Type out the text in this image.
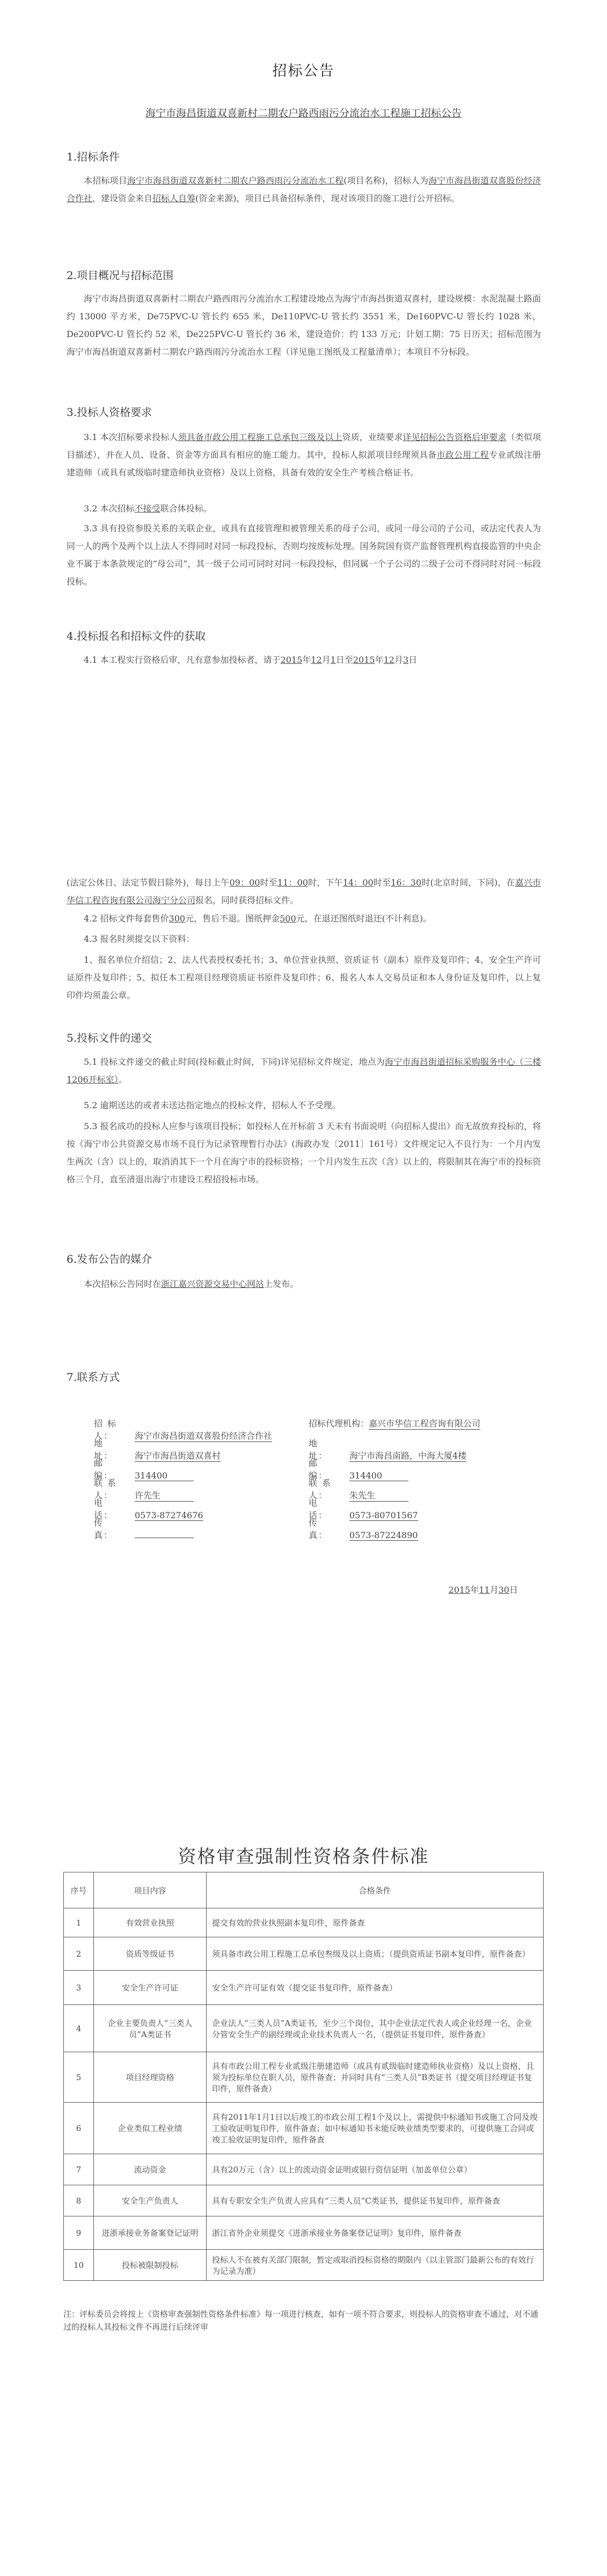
招标公告
海宁市海昌街道双喜新村二期农户路西雨污分流治水工程施工招标公告
1.招标条件

本招标项目海宁市海昌街道双喜新村二期农户路西雨污分流治水工程(项目名称)，招标人为海宁市海昌街道双喜股份经济合作社，建设资金来自招标人自筹(资金来源)，项目已具备招标条件，现对该项目的施工进行公开招标。

2.项目概况与招标范围

海宁市海昌街道双喜新村二期农户路西雨污分流治水工程建设地点为海宁市海昌街道双喜村，建设规模：水泥混凝土路面约 13000 平方米，De75PVC-U 管长约 655 米，De110PVC-U 管长约 3551 米，De160PVC-U 管长约 1028 米，De200PVC-U 管长约 52 米，De225PVC-U 管长约 36 米，建设造价：约 133 万元；计划工期：75 日历天；招标范围为海宁市海昌街道双喜新村二期农户路西雨污分流治水工程（详见施工图纸及工程量清单）；本项目不分标段。

3.投标人资格要求

3.1 本次招标要求投标人须具备市政公用工程施工总承包三级及以上资质，业绩要求详见招标公告资格后审要求（类似项目描述），并在人员、设备、资金等方面具有相应的施工能力。其中，投标人拟派项目经理须具备市政公用工程专业贰级注册建造师（或具有贰级临时建造师执业资格）及以上资格，具备有效的安全生产考核合格证书。

3.2 本次招标不接受联合体投标。

3.3 具有投资参股关系的关联企业，或具有直接管理和被管理关系的母子公司，或同一母公司的子公司，或法定代表人为同一人的两个及两个以上法人不得同时对同一标段投标，否则均按废标处理。国务院国有资产监督管理机构直接监管的中央企业不属于本条款规定的“母公司”，其一级子公司可同时对同一标段投标，但同属一个子公司的二级子公司不得同时对同一标段投标。

4.投标报名和招标文件的获取

4.1 本工程实行资格后审，凡有意参加投标者，请于2015年12月1日至2015年12月3日

(法定公休日、法定节假日除外)，每日上午09：00时至11：00时，下午14：00时至16：30时(北京时间，下同)，在嘉兴市华信工程咨询有限公司海宁分公司报名，同时获得招标文件。

4.2 招标文件每套售价300元，售后不退。图纸押金500元，在退还图纸时退还(不计利息)。

4.3 报名时须提交以下资料：

1、报名单位介绍信；2、法人代表授权委托书；3、单位营业执照、资质证书（副本）原件及复印件；4、安全生产许可证原件及复印件；5、拟任本工程项目经理资质证书原件及复印件；6、报名人本人交易员证和本人身份证及复印件，以上复印件均须盖公章。

5.投标文件的递交

5.1 投标文件递交的截止时间(投标截止时间，下同)详见招标文件规定，地点为海宁市海昌街道招标采购服务中心（三楼1206开标室）。

5.2 逾期送达的或者未送达指定地点的投标文件，招标人不予受理。

5.3 报名成功的投标人应参与该项目投标；如投标人在开标前 3 天未有书面说明（向招标人提出）而无故放弃投标的，将按《海宁市公共资源交易市场不良行为记录管理暂行办法》(海政办发〔2011〕161号）文件规定记入不良行为：一个月内发生两次（含）以上的，取消消其下一个月在海宁市的投标资格；一个月内发生五次（含）以上的，将限制其在海宁市的投标资格三个月，直至清退出海宁市建设工程招投标市场。

6.发布公告的媒介

本次招标公告同时在浙江嘉兴资源交易中心网站上发布。

7.联系方式
招 标 人： 海宁市海昌街道双喜股份经济合作社
招标代理机构：嘉兴市华信工程咨询有限公司
地　　址： 海宁市海昌街道双喜村
地　　址： 海宁市海昌南路，中海大厦4楼
邮　　编： 314400
邮　　编： 314400
联 系 人： 许先生
联 系 人： 朱先生
电　　话： 0573-87274676
电　　话： 0573-80701567
传　　真：
传　　真： 0573-87224890
2015年11月30日
资格审查强制性资格条件标准
序号	项目内容	合格条件
1	有效营业执照	提交有效的营业执照副本复印件，原件备查
2	资质等级证书	须具备市政公用工程施工总承包叁级及以上资质；（提供资质证书副本复印件，原件备查）
3	安全生产许可证	安全生产许可证有效（提交证书复印件，原件备查）
4	企业主要负责人“三类人员”A类证书	企业法人“三类人员”A类证书，至少三个岗位，其中企业法定代表人或企业经理一名，企业分管安全生产的副经理或企业技术负责人一名，（提供证书复印件，原件备查）
5	项目经理资格	具有市政公用工程专业贰级注册建造师（或具有贰级临时建造师执业资格）及以上资格，且须为投标单位在职人员，原件备查；并同时具有“三类人员”B类证书（提交项目经理证书复印件，原件备查）
6	企业类似工程业绩	具有2011年1月1日以后竣工的市政公用工程1个及以上，需提供中标通知书或施工合同及竣工验收证明复印件，原件备查；如中标通知书未能反映业绩类型要求的，可提供施工合同或竣工验收证明复印件，原件备查
7	流动资金	具有20万元（含）以上的流动资金证明或银行资信证明（加盖单位公章）
8	安全生产负责人	具有专职安全生产负责人应具有“三类人员”C类证书，提供证书复印件，原件备查
9	进浙承接业务备案登记证明	浙江省外企业须提交《进浙承接业务备案登记证明》复印件，原件备查
10	投标被限制投标	投标人不在被有关部门限制，暂定或取消投标资格的期限内（以主管部门最新公布的有效行为记录为准）

注：评标委员会将按上《资格审查强制性资格条件标准》每一项进行核查，如有一项不符合要求，则投标人的资格审查不通过，对不通过的投标人其投标文件不再进行后续评审
